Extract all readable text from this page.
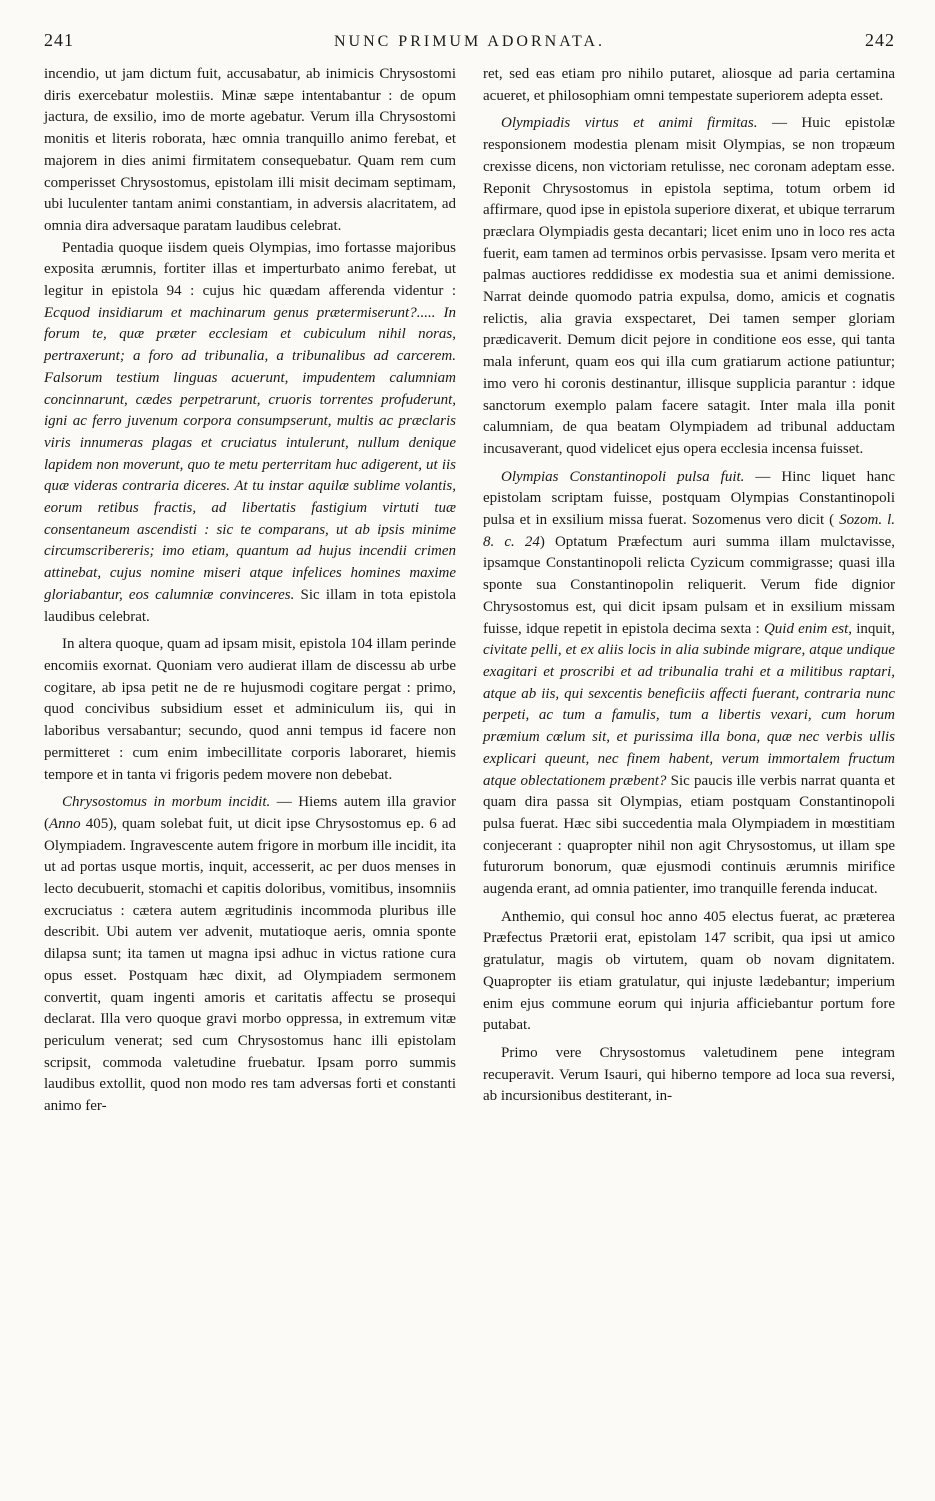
241	NUNC PRIMUM ADORNATA.	242

incendio, ut jam dictum fuit, accusabatur, ab inimicis Chrysostomi diris exercebatur molestiis. Minæ sæpe intentabantur : de opum jactura, de exsilio, imo de morte agebatur. Verum illa Chrysostomi monitis et literis roborata, hæc omnia tranquillo animo ferebat, et majorem in dies animi firmitatem consequebatur. Quam rem cum comperisset Chrysostomus, epistolam illi misit decimam septimam, ubi luculenter tantam animi constantiam, in adversis alacritatem, ad omnia dira adversaque paratam laudibus celebrat.

Pentadia quoque iisdem queis Olympias, imo fortasse majoribus exposita ærumnis, fortiter illas et imperturbato animo ferebat, ut legitur in epistola 94 : cujus hic quædam afferenda videntur : Ecquod insidiarum et machinarum genus prætermiserunt?..... In forum te, quæ præter ecclesiam et cubiculum nihil noras, pertraxerunt; a foro ad tribunalia, a tribunalibus ad carcerem. Falsorum testium linguas acuerunt, impudentem calumniam concinnarunt, cædes perpetrarunt, cruoris torrentes profuderunt, igni ac ferro juvenum corpora consumpserunt, multis ac præclaris viris innumeras plagas et cruciatus intulerunt, nullum denique lapidem non moverunt, quo te metu perterritam huc adigerent, ut iis quæ videras contraria diceres. At tu instar aquilæ sublime volantis, eorum retibus fractis, ad libertatis fastigium virtuti tuæ consentaneum ascendisti : sic te comparans, ut ab ipsis minime circumscribereris; imo etiam, quantum ad hujus incendii crimen attinebat, cujus nomine miseri atque infelices homines maxime gloriabantur, eos calumniæ convinceres. Sic illam in tota epistola laudibus celebrat.

In altera quoque, quam ad ipsam misit, epistola 104 illam perinde encomiis exornat. Quoniam vero audierat illam de discessu ab urbe cogitare, ab ipsa petit ne de re hujusmodi cogitare pergat : primo, quod concivibus subsidium esset et adminiculum iis, qui in laboribus versabantur; secundo, quod anni tempus id facere non permitteret : cum enim imbecillitate corporis laboraret, hiemis tempore et in tanta vi frigoris pedem movere non debebat.

Chrysostomus in morbum incidit. — Hiems autem illa gravior (Anno 405), quam solebat fuit, ut dicit ipse Chrysostomus ep. 6 ad Olympiadem. Ingravescente autem frigore in morbum ille incidit, ita ut ad portas usque mortis, inquit, accesserit, ac per duos menses in lecto decubuerit, stomachi et capitis doloribus, vomitibus, insomniis excruciatus : cætera autem ægritudinis incommoda pluribus ille describit. Ubi autem ver advenit, mutatioque aeris, omnia sponte dilapsa sunt; ita tamen ut magna ipsi adhuc in victus ratione cura opus esset. Postquam hæc dixit, ad Olympiadem sermonem convertit, quam ingenti amoris et caritatis affectu se prosequi declarat. Illa vero quoque gravi morbo oppressa, in extremum vitæ periculum venerat; sed cum Chrysostomus hanc illi epistolam scripsit, commoda valetudine fruebatur. Ipsam porro summis laudibus extollit, quod non modo res tam adversas forti et constanti animo fer-

ret, sed eas etiam pro nihilo putaret, aliosque ad paria certamina acueret, et philosophiam omni tempestate superiorem adepta esset.

Olympiadis virtus et animi firmitas. — Huic epistolæ responsionem modestia plenam misit Olympias, se non tropæum crexisse dicens, non victoriam retulisse, nec coronam adeptam esse. Reponit Chrysostomus in epistola septima, totum orbem id affirmare, quod ipse in epistola superiore dixerat, et ubique terrarum præclara Olympiadis gesta decantari; licet enim uno in loco res acta fuerit, eam tamen ad terminos orbis pervasisse. Ipsam vero merita et palmas auctiores reddidisse ex modestia sua et animi demissione. Narrat deinde quomodo patria expulsa, domo, amicis et cognatis relictis, alia gravia exspectaret, Dei tamen semper gloriam prædicaverit. Demum dicit pejore in conditione eos esse, qui tanta mala inferunt, quam eos qui illa cum gratiarum actione patiuntur; imo vero hi coronis destinantur, illisque supplicia parantur : idque sanctorum exemplo palam facere satagit. Inter mala illa ponit calumniam, de qua beatam Olympiadem ad tribunal adductam incusaverant, quod videlicet ejus opera ecclesia incensa fuisset.

Olympias Constantinopoli pulsa fuit. — Hinc liquet hanc epistolam scriptam fuisse, postquam Olympias Constantinopoli pulsa et in exsilium missa fuerat. Sozomenus vero dicit ( Sozom. l. 8. c. 24) Optatum Præfectum auri summa illam mulctavisse, ipsamque Constantinopoli relicta Cyzicum commigrasse; quasi illa sponte sua Constantinopolin reliquerit. Verum fide dignior Chrysostomus est, qui dicit ipsam pulsam et in exsilium missam fuisse, idque repetit in epistola decima sexta : Quid enim est, inquit, civitate pelli, et ex aliis locis in alia subinde migrare, atque undique exagitari et proscribi et ad tribunalia trahi et a militibus raptari, atque ab iis, qui sexcentis beneficiis affecti fuerant, contraria nunc perpeti, ac tum a famulis, tum a libertis vexari, cum horum præmium cœlum sit, et purissima illa bona, quæ nec verbis ullis explicari queunt, nec finem habent, verum immortalem fructum atque oblectationem præbent? Sic paucis ille verbis narrat quanta et quam dira passa sit Olympias, etiam postquam Constantinopoli pulsa fuerat. Hæc sibi succedentia mala Olympiadem in mœstitiam conjecerant : quapropter nihil non agit Chrysostomus, ut illam spe futurorum bonorum, quæ ejusmodi continuis ærumnis mirifice augenda erant, ad omnia patienter, imo tranquille ferenda inducat.

Anthemio, qui consul hoc anno 405 electus fuerat, ac præterea Præfectus Prætorii erat, epistolam 147 scribit, qua ipsi ut amico gratulatur, magis ob virtutem, quam ob novam dignitatem. Quapropter iis etiam gratulatur, qui injuste lædebantur; imperium enim ejus commune eorum qui injuria afficiebantur portum fore putabat.

Primo vere Chrysostomus valetudinem pene integram recuperavit. Verum Isauri, qui hiberno tempore ad loca sua reversi, ab incursionibus destiterant, in-
